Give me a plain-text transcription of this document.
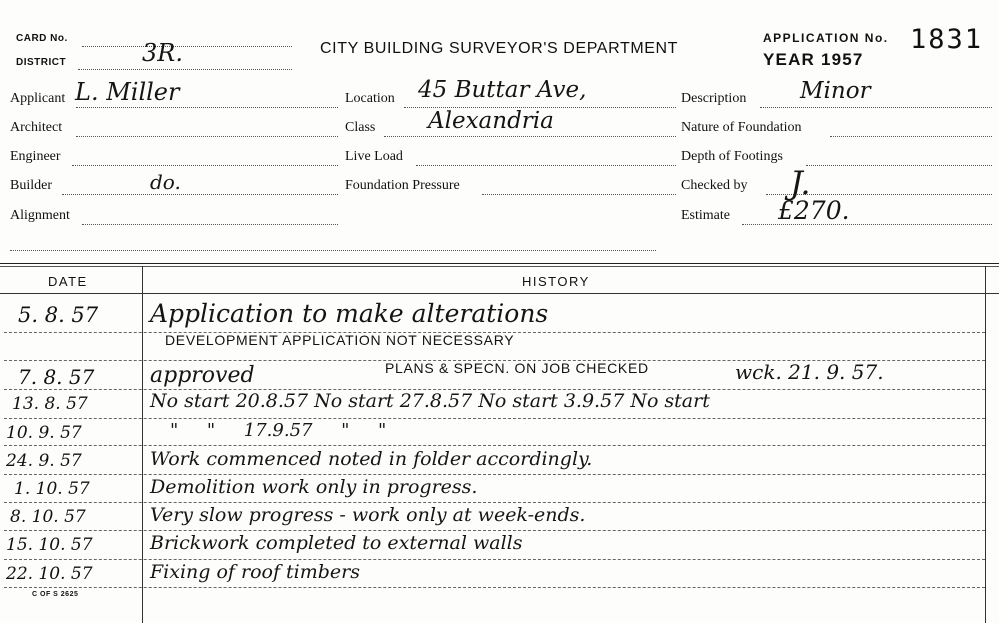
CARD No.
DISTRICT	3R.	CITY BUILDING SURVEYOR'S DEPARTMENT
APPLICATION No. 1831
YEAR 1957
Applicant L. Miller
Architect
Engineer
Builder	do.
Alignment
Location 45 Buttar Ave,
Class Alexandria
Live Load
Foundation Pressure
Description Minor
Nature of Foundation
Depth of Footings
Checked by J.
Estimate £270.
DATE	HISTORY
5. 8. 57 Application to make alterations
DEVELOPMENT APPLICATION NOT NECESSARY
7. 8. 57	approved	PLANS & SPECN. ON JOB CHECKED	wck. 21. 9. 57.
13. 8. 57	No start 20.8.57 No start 27.8.57 No start 3.9.57 No start
10. 9. 57	"     "     17.9.57     "     "
24. 9. 57	Work commenced noted in folder accordingly.
1. 10. 57	Demolition work only in progress.
8. 10. 57	Very slow progress - work only at week-ends.
15. 10. 57	Brickwork completed to external walls
22. 10. 57	Fixing of roof timbers
C OF S 2625
